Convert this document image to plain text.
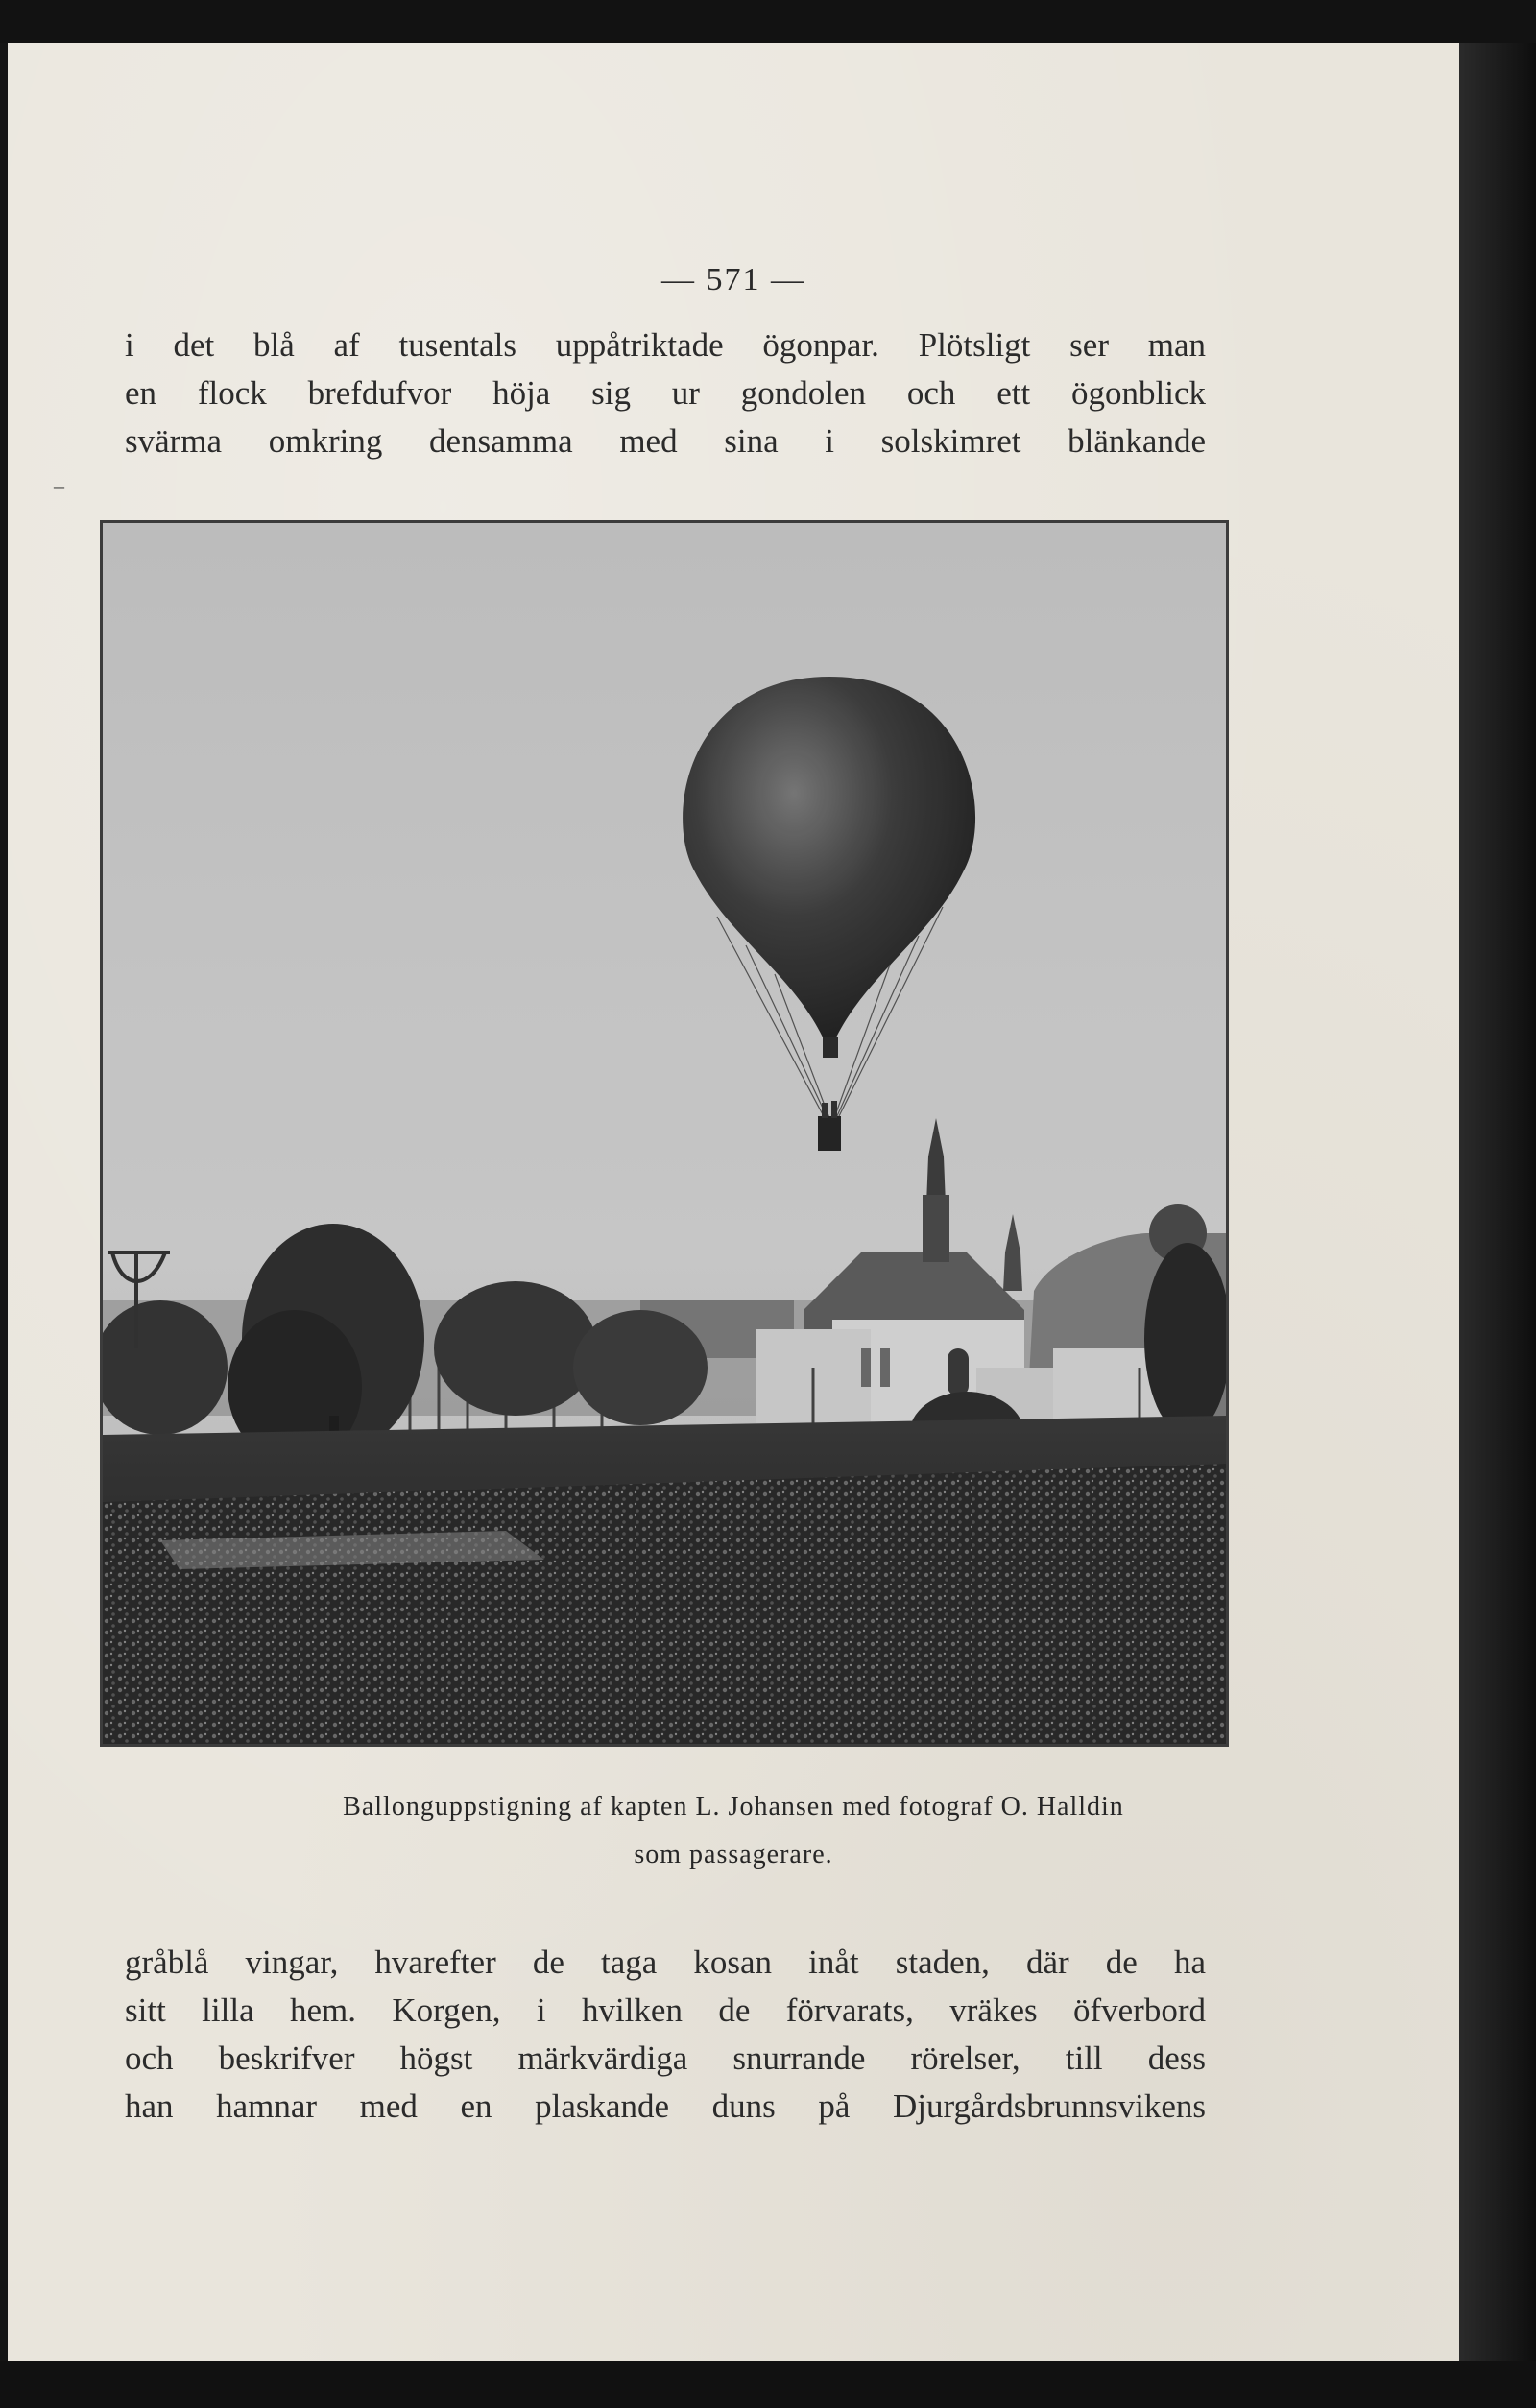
— 571 —
i det blå af tusentals uppåtriktade ögonpar. Plötsligt ser man
en flock brefdufvor höja sig ur gondolen och ett ögonblick
svärma omkring densamma med sina i solskimret blänkande
–
Ballonguppstigning af kapten L. Johansen med fotograf O. Halldin
som passagerare.
gråblå vingar, hvarefter de taga kosan inåt staden, där de ha
sitt lilla hem. Korgen, i hvilken de förvarats, vräkes öfverbord
och beskrifver högst märkvärdiga snurrande rörelser, till dess
han hamnar med en plaskande duns på Djurgårdsbrunnsvikens
